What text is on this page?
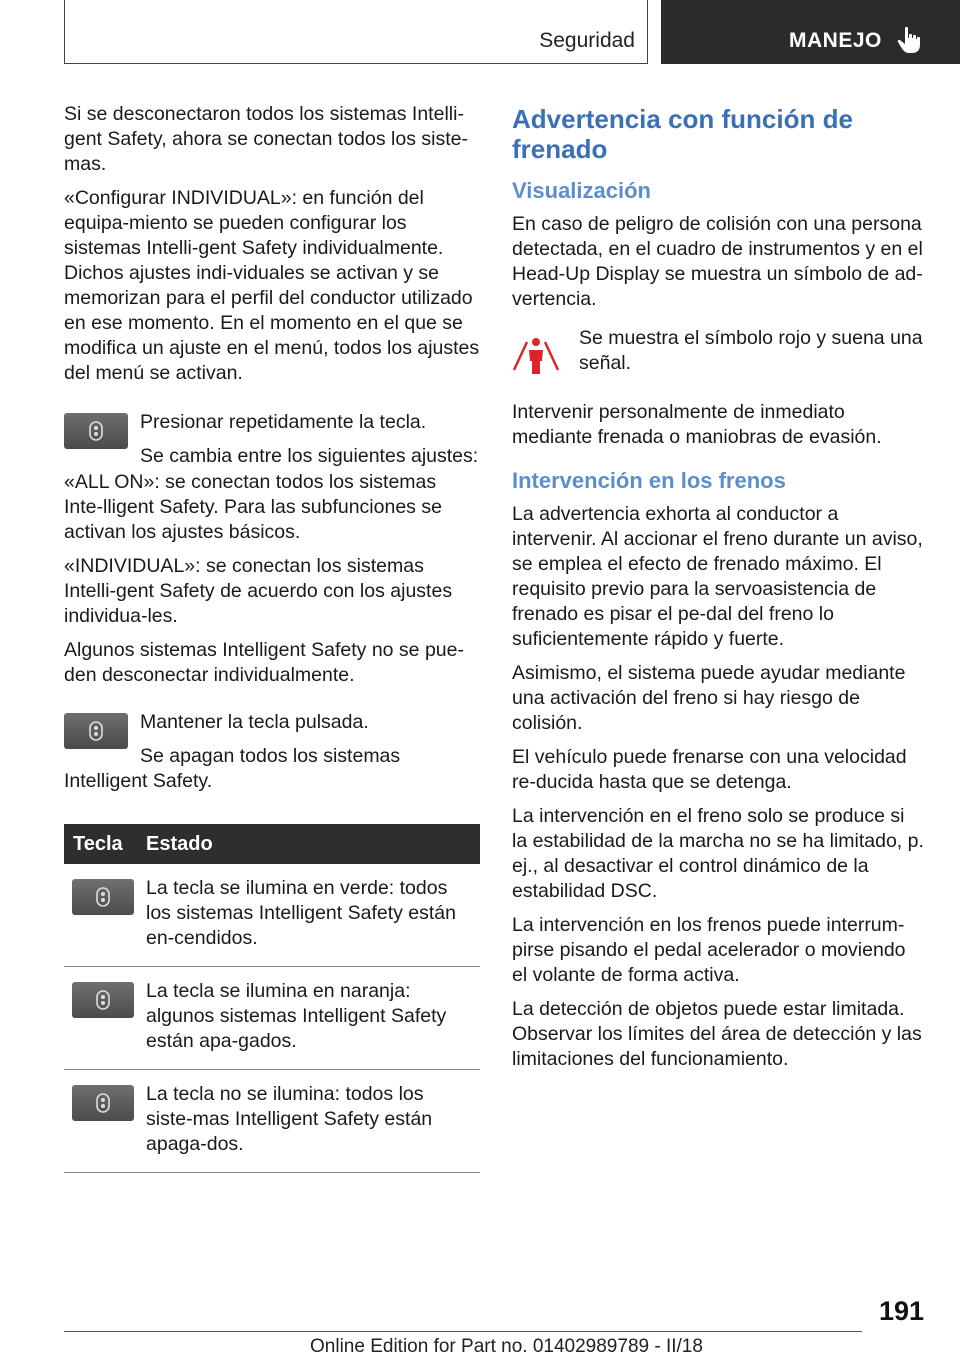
Seguridad	MANEJO

Si se desconectaron todos los sistemas Intelli‐gent Safety, ahora se conectan todos los siste‐mas.

«Configurar INDIVIDUAL»: en función del equipa‐miento se pueden configurar los sistemas Intelli‐gent Safety individualmente. Dichos ajustes indi‐viduales se activan y se memorizan para el perfil del conductor utilizado en ese momento. En el momento en el que se modifica un ajuste en el menú, todos los ajustes del menú se activan.

Presionar repetidamente la tecla.

Se cambia entre los siguientes ajustes:

«ALL ON»: se conectan todos los sistemas Inte‐lligent Safety. Para las subfunciones se activan los ajustes básicos.

«INDIVIDUAL»: se conectan los sistemas Intelli‐gent Safety de acuerdo con los ajustes individua‐les.

Algunos sistemas Intelligent Safety no se pue‐den desconectar individualmente.

Mantener la tecla pulsada.

Se apagan todos los sistemas Intelligent Safety.

Tecla	Estado

	La tecla se ilumina en verde: todos los sistemas Intelligent Safety están en‐cendidos.

	La tecla se ilumina en naranja: algunos sistemas Intelligent Safety están apa‐gados.

	La tecla no se ilumina: todos los siste‐mas Intelligent Safety están apaga‐dos.
Advertencia con función de frenado
Visualización

En caso de peligro de colisión con una persona detectada, en el cuadro de instrumentos y en el Head-Up Display se muestra un símbolo de ad‐vertencia.

Se muestra el símbolo rojo y suena una señal.

Intervenir personalmente de inmediato mediante frenada o maniobras de evasión.

Intervención en los frenos

La advertencia exhorta al conductor a intervenir. Al accionar el freno durante un aviso, se emplea el efecto de frenado máximo. El requisito previo para la servoasistencia de frenado es pisar el pe‐dal del freno lo suficientemente rápido y fuerte.

Asimismo, el sistema puede ayudar mediante una activación del freno si hay riesgo de colisión.

El vehículo puede frenarse con una velocidad re‐ducida hasta que se detenga.

La intervención en el freno solo se produce si la estabilidad de la marcha no se ha limitado, p. ej., al desactivar el control dinámico de la estabilidad DSC.

La intervención en los frenos puede interrum‐pirse pisando el pedal acelerador o moviendo el volante de forma activa.

La detección de objetos puede estar limitada. Observar los límites del área de detección y las limitaciones del funcionamiento.

191
Online Edition for Part no. 01402989789 - II/18
